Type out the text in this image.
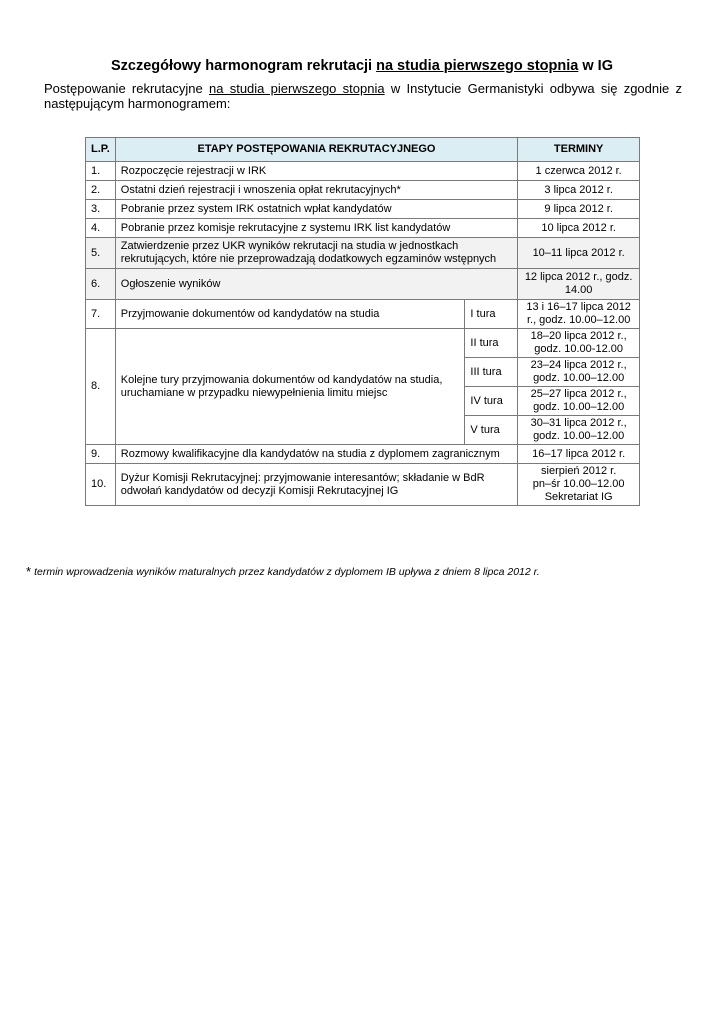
Szczegółowy harmonogram rekrutacji na studia pierwszego stopnia w IG
Postępowanie rekrutacyjne na studia pierwszego stopnia w Instytucie Germanistyki odbywa się zgodnie z następującym harmonogramem:
L.P.	ETAPY POSTĘPOWANIA REKRUTACYJNEGO		TERMINY
1.	Rozpoczęcie rejestracji w IRK		1 czerwca 2012 r.
2.	Ostatni dzień rejestracji i wnoszenia opłat rekrutacyjnych*		3 lipca 2012 r.
3.	Pobranie przez system IRK ostatnich wpłat kandydatów		9 lipca 2012 r.
4.	Pobranie przez komisje rekrutacyjne z systemu IRK list kandydatów		10 lipca 2012 r.
5.	Zatwierdzenie przez UKR wyników rekrutacji na studia w jednostkach rekrutujących, które nie przeprowadzają dodatkowych egzaminów wstępnych		10–11 lipca 2012 r.
6.	Ogłoszenie wyników		12 lipca 2012 r., godz. 14.00
7.	Przyjmowanie dokumentów od kandydatów na studia	I tura	13 i 16–17 lipca 2012 r., godz. 10.00–12.00
8.	Kolejne tury przyjmowania dokumentów od kandydatów na studia, uruchamiane w przypadku niewypełnienia limitu miejsc	II tura	18–20 lipca 2012 r., godz. 10.00-12.00
		III tura	23–24 lipca 2012 r., godz. 10.00–12.00
		IV tura	25–27 lipca 2012 r., godz. 10.00–12.00
		V tura	30–31 lipca 2012 r., godz. 10.00–12.00
9.	Rozmowy kwalifikacyjne dla kandydatów na studia z dyplomem zagranicznym		16–17 lipca 2012 r.
10.	Dyżur Komisji Rekrutacyjnej: przyjmowanie interesantów; składanie w BdR odwołań kandydatów od decyzji Komisji Rekrutacyjnej IG		sierpień 2012 r.
pn–śr 10.00–12.00
Sekretariat IG
* termin wprowadzenia wyników maturalnych przez kandydatów z dyplomem IB upływa z dniem 8 lipca 2012 r.
